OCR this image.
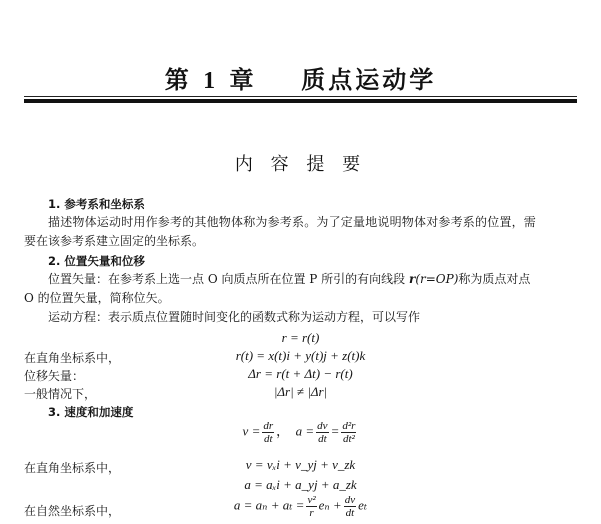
第 1 章 质点运动学
内 容 提 要
1. 参考系和坐标系
描述物体运动时用作参考的其他物体称为参考系。为了定量地说明物体对参考系的位置，需
要在该参考系建立固定的坐标系。
2. 位置矢量和位移
位置矢量：在参考系上选一点 O 向质点所在位置 P 所引的有向线段 r(r=OP)称为质点对点
O 的位置矢量，简称位矢。
运动方程：表示质点位置随时间变化的函数式称为运动方程，可以写作
r = r(t)
在直角坐标系中，	r(t) = x(t)i + y(t)j + z(t)k
位移矢量：	Δr = r(t + Δt) − r(t)
一般情况下，	|Δr| ≠ |Δr|
3. 速度和加速度
$v = \frac{dr}{dt}$ ， $a = \frac{dv}{dt} = \frac{\text{d²r}}{\text{dt²}}$
在直角坐标系中，	v = vₓi + v_yj + v_zk
a = aₓi + a_yj + a_zk
在自然坐标系中，	$a = a_n + a_t = \frac{\text{v²}}{r}$ $e_n + \frac{dv}{dt}$ eₜ
